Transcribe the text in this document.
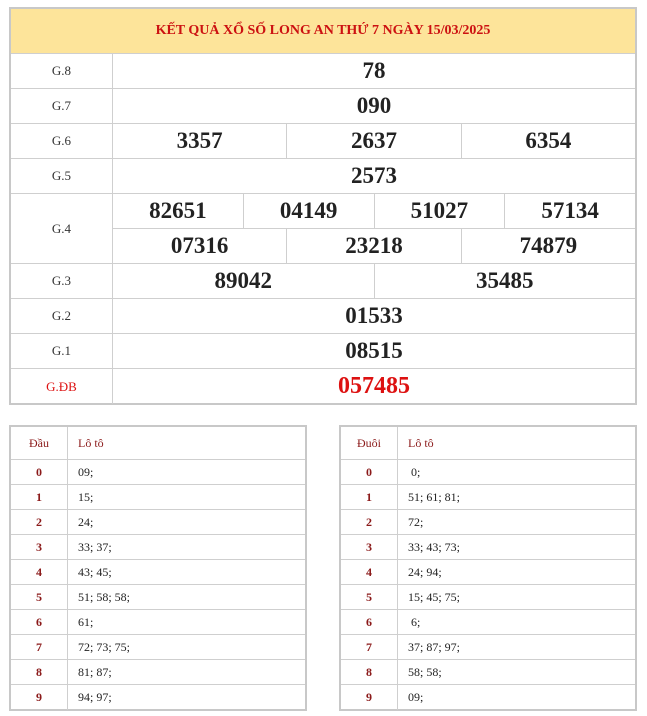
KẾT QUẢ XỔ SỐ LONG AN THỨ 7 NGÀY 15/03/2025
G.8	78
G.7	090
G.6	3357	2637	6354
G.5	2573
G.4
82651	04149	51027	57134
07316	23218	74879
G.3	89042	35485
G.2	01533
G.1	08515
G.ĐB	057485
Đầu	Lô tô
0	09;
1	15;
2	24;
3	33; 37;
4	43; 45;
5	51; 58; 58;
6	61;
7	72; 73; 75;
8	81; 87;
9	94; 97;
Đuôi	Lô tô
0	0;
1	51; 61; 81;
2	72;
3	33; 43; 73;
4	24; 94;
5	15; 45; 75;
6	6;
7	37; 87; 97;
8	58; 58;
9	09;
